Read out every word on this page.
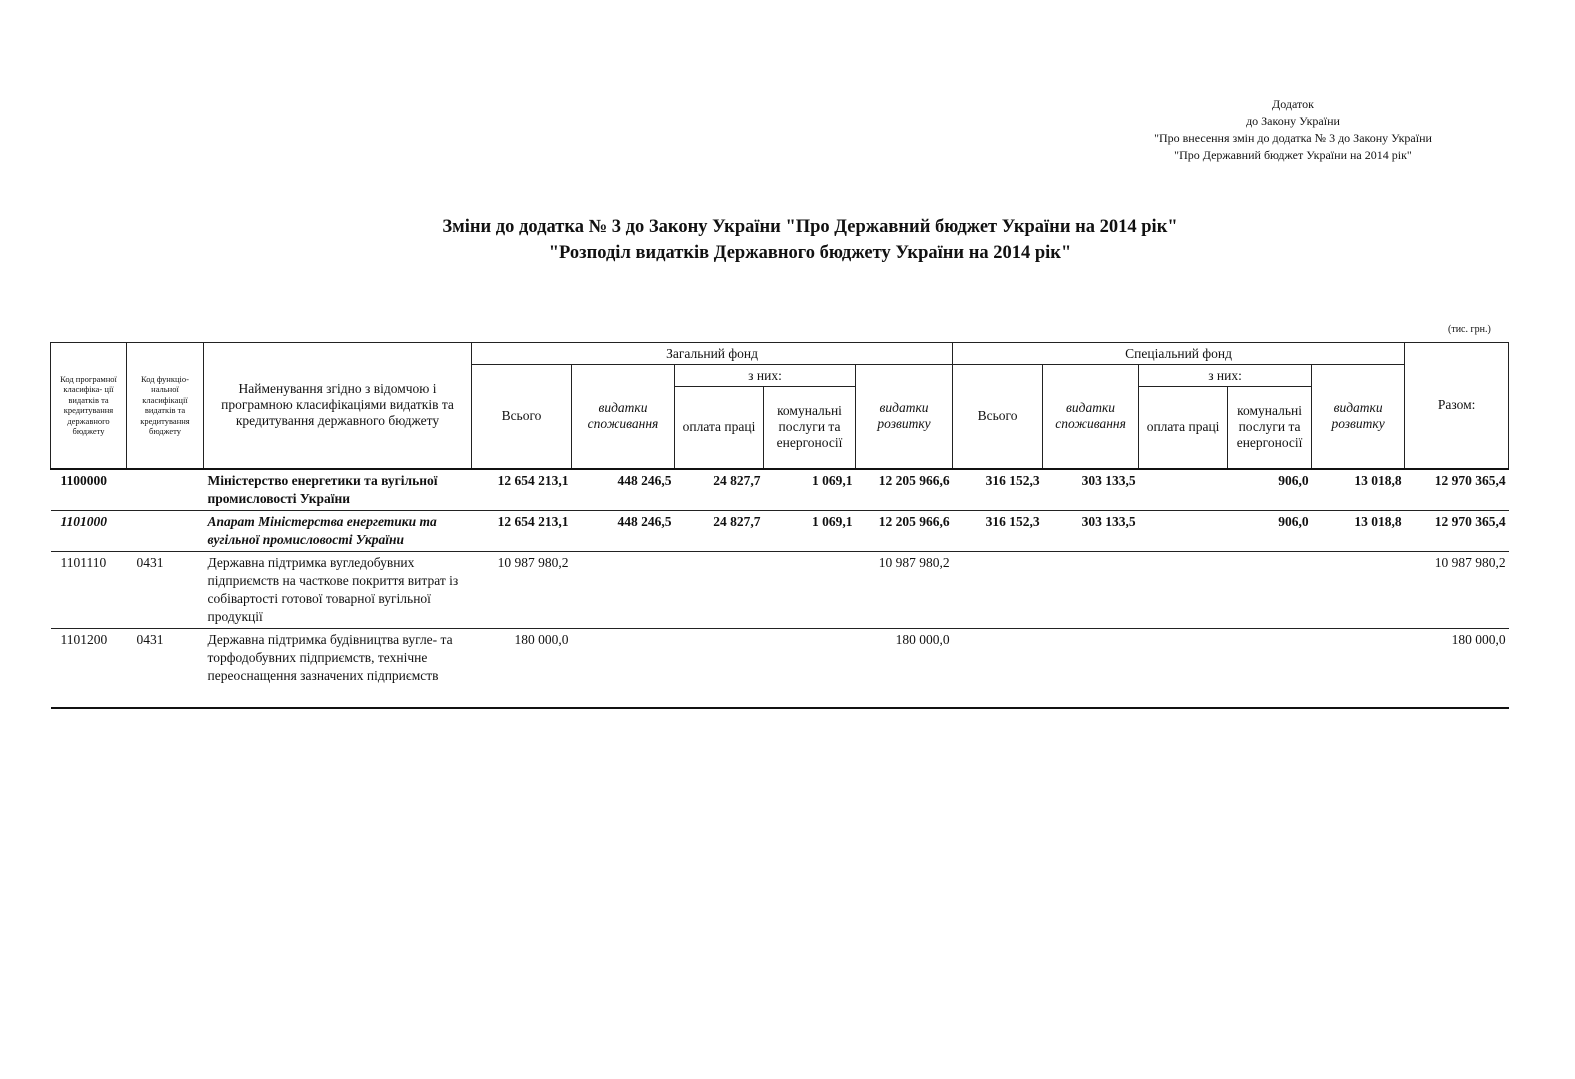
Додаток
до Закону України
"Про внесення змін до додатка № 3 до Закону України
"Про Державний бюджет України на 2014 рік"
Зміни до додатка № 3 до Закону України "Про Державний бюджет України на 2014 рік"
"Розподіл видатків Державного бюджету України на 2014 рік"
(тис. грн.)
Код програмної класифіка- ції видатків та кредитування державного бюджету	Код функціо- нальної класифікації видатків та кредитування бюджету	Найменування згідно з відомчою і програмною класифікаціями видатків та кредитування державного бюджету	Загальний фонд					Спеціальний фонд					Разом:
			Всього	видатки споживання	з них:		видатки розвитку	Всього	видатки споживання	з них:		видатки розвитку	
					оплата праці	комунальні послуги та енергоносії				оплата праці	комунальні послуги та енергоносії		
1100000		Міністерство енергетики та вугільної промисловості України	12 654 213,1	448 246,5	24 827,7	1 069,1	12 205 966,6	316 152,3	303 133,5		906,0	13 018,8	12 970 365,4
1101000		Апарат Міністерства енергетики та вугільної промисловості України	12 654 213,1	448 246,5	24 827,7	1 069,1	12 205 966,6	316 152,3	303 133,5		906,0	13 018,8	12 970 365,4
1101110	0431	Державна підтримка вугледобувних підприємств на часткове покриття витрат із собівартості готової товарної вугільної продукції	10 987 980,2				10 987 980,2						10 987 980,2
1101200	0431	Державна підтримка будівництва вугле- та торфодобувних підприємств, технічне переоснащення зазначених підприємств	180 000,0				180 000,0						180 000,0
